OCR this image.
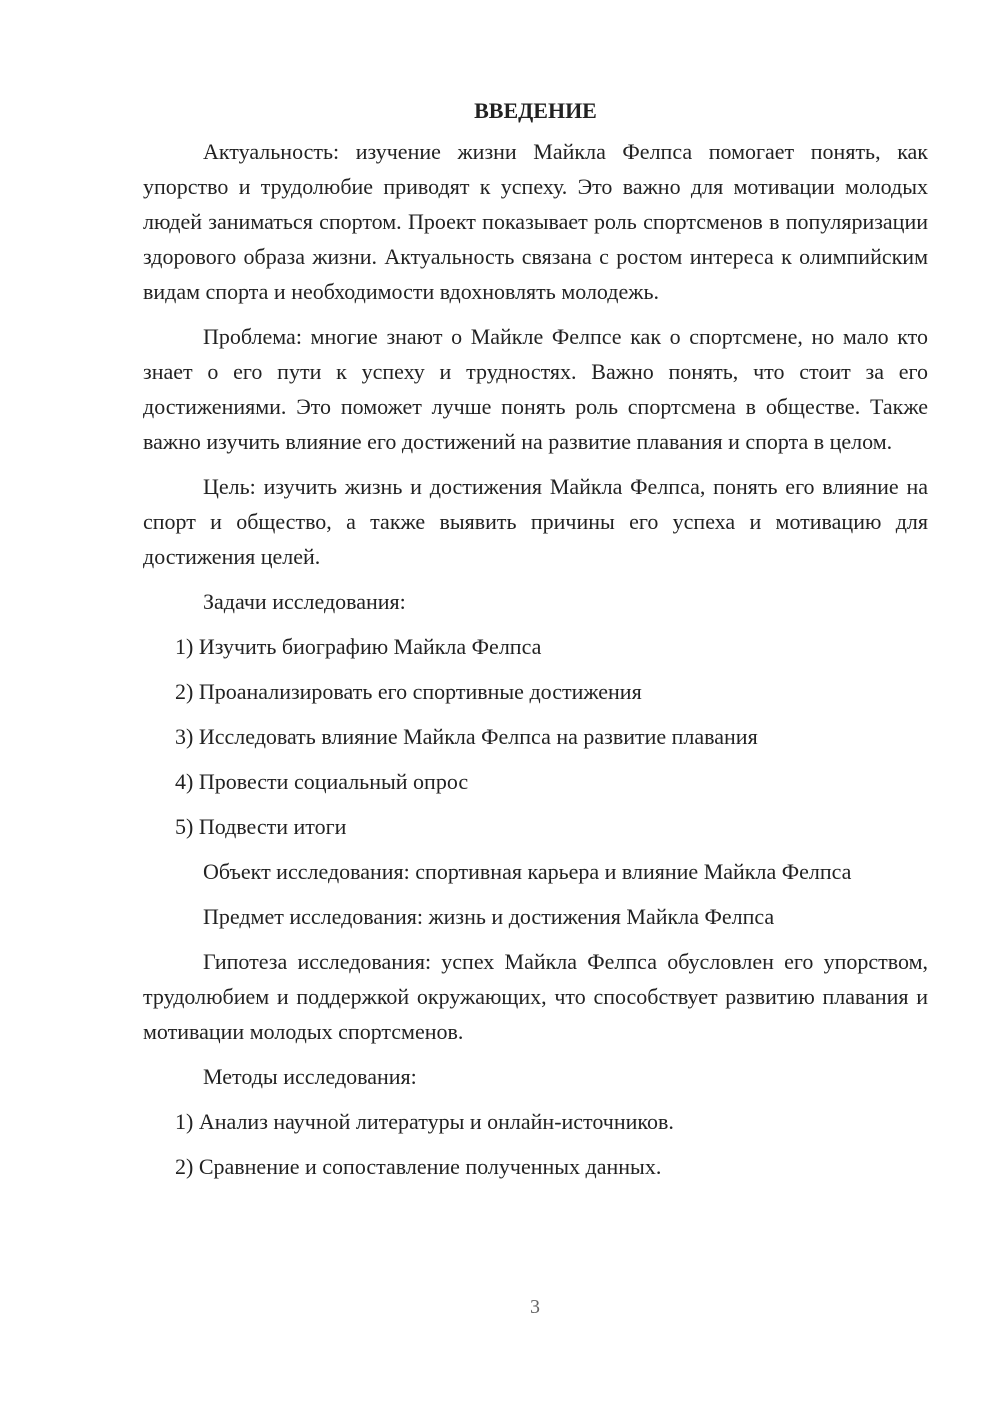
ВВЕДЕНИЕ

Актуальность: изучение жизни Майкла Фелпса помогает понять, как упорство и трудолюбие приводят к успеху. Это важно для мотивации молодых людей заниматься спортом. Проект показывает роль спортсменов в популяризации здорового образа жизни. Актуальность связана с ростом интереса к олимпийским видам спорта и необходимости вдохновлять молодежь.

Проблема: многие знают о Майкле Фелпсе как о спортсмене, но мало кто знает о его пути к успеху и трудностях. Важно понять, что стоит за его достижениями. Это поможет лучше понять роль спортсмена в обществе. Также важно изучить влияние его достижений на развитие плавания и спорта в целом.

Цель: изучить жизнь и достижения Майкла Фелпса, понять его влияние на спорт и общество, а также выявить причины его успеха и мотивацию для достижения целей.

Задачи исследования:

1) Изучить биографию Майкла Фелпса

2) Проанализировать его спортивные достижения

3) Исследовать влияние Майкла Фелпса на развитие плавания

4) Провести социальный опрос

5) Подвести итоги

Объект исследования: спортивная карьера и влияние Майкла Фелпса

Предмет исследования: жизнь и достижения Майкла Фелпса

Гипотеза исследования: успех Майкла Фелпса обусловлен его упорством, трудолюбием и поддержкой окружающих, что способствует развитию плавания и мотивации молодых спортсменов.

Методы исследования:

1) Анализ научной литературы и онлайн-источников.

2) Сравнение и сопоставление полученных данных.

3
